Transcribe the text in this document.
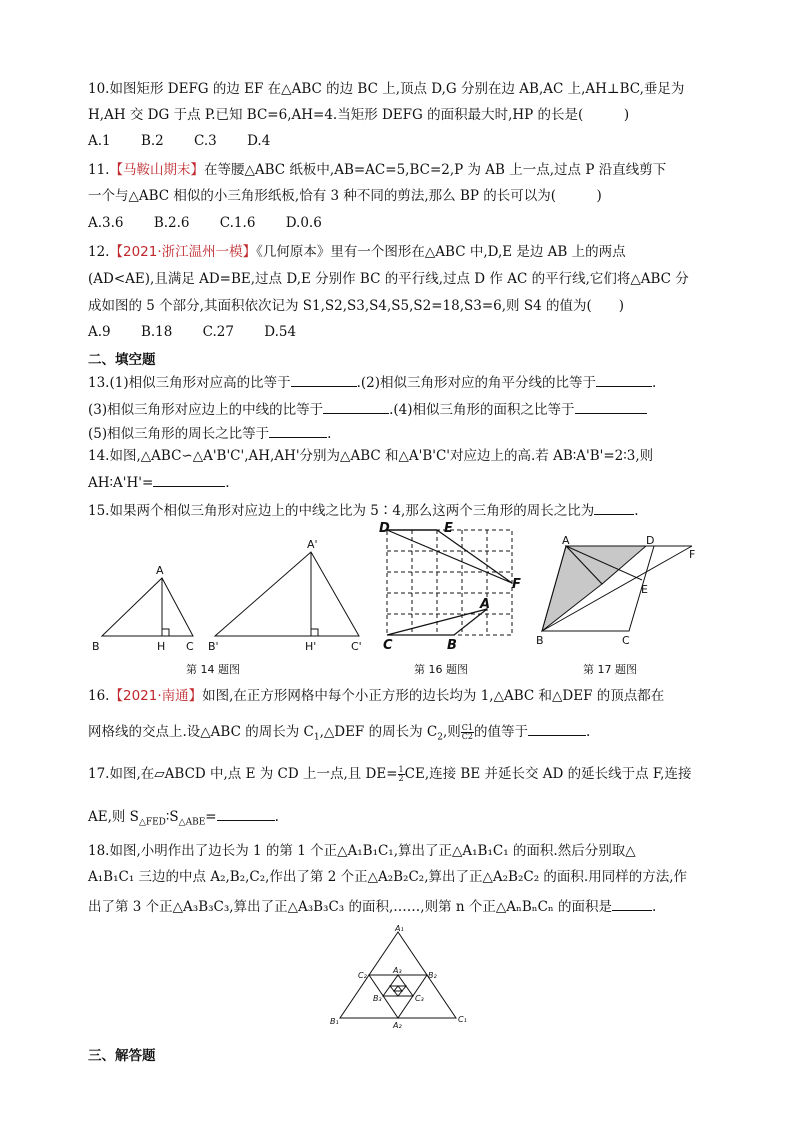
10.如图矩形 DEFG 的边 EF 在△ABC 的边 BC 上,顶点 D,G 分别在边 AB,AC 上,AH⊥BC,垂足为
H,AH 交 DG 于点 P.已知 BC=6,AH=4.当矩形 DEFG 的面积最大时,HP 的长是(　　　)
A.1 B.2 C.3 D.4
11.【马鞍山期末】在等腰△ABC 纸板中,AB=AC=5,BC=2,P 为 AB 上一点,过点 P 沿直线剪下
一个与△ABC 相似的小三角形纸板,恰有 3 种不同的剪法,那么 BP 的长可以为(　　　)
A.3.6 B.2.6 C.1.6 D.0.6
12.【2021·浙江温州一模】《几何原本》里有一个图形在△ABC 中,D,E 是边 AB 上的两点
(AD<AE),且满足 AD=BE,过点 D,E 分别作 BC 的平行线,过点 D 作 AC 的平行线,它们将△ABC 分
成如图的 5 个部分,其面积依次记为 S1,S2,S3,S4,S5,S2=18,S3=6,则 S4 的值为(　　)
A.9 B.18 C.27 D.54
二、填空题
13.(1)相似三角形对应高的比等于	.(2)相似三角形对应的角平分线的比等于	.
(3)相似三角形对应边上的中线的比等于	.(4)相似三角形的面积之比等于
(5)相似三角形的周长之比等于	.
14.如图,△ABC∽△A'B'C',AH,AH'分别为△ABC 和△A'B'C'对应边上的高.若 AB∶A'B'=2∶3,则
AH∶A'H'=	.
15.如果两个相似三角形对应边上的中线之比为 5∶4,那么这两个三角形的周长之比为	.
A
B	H C
A'
B'	H'	C'
第 14 题图
D	E
F
A
C	B
第 16 题图
A	D
F
E
B	C
第 17 题图
16.【2021·南通】如图,在正方形网格中每个小正方形的边长均为 1,△ABC 和△DEF 的顶点都在
网格线的交点上.设△ABC 的周长为 $C_1,\triangle DEF$ 的周长为 $C_2$,则 $\frac{C1}{C2}$ 的值等于	.
17.如图,在▱ABCD 中,点 E 为 CD 上一点,且 $DE= \frac{1}{2}$ CE,连接 BE 并延长交 AD 的延长线于点 F,连接
AE,则 $S_{\triangle FED}∶S_{\triangle ABE}=$	.
18.如图,小明作出了边长为 1 的第 1 个正△A₁B₁C₁,算出了正△A₁B₁C₁ 的面积.然后分别取△
A₁B₁C₁ 三边的中点 A₂,B₂,C₂,作出了第 2 个正△A₂B₂C₂,算出了正△A₂B₂C₂ 的面积.用同样的方法,作
出了第 3 个正△A₃B₃C₃,算出了正△A₃B₃C₃ 的面积,……,则第 n 个正△AₙBₙCₙ 的面积是	.
A₁
B₁	C₁
A₂
B₂
C₂
A₃
B₃	C₃
三、解答题
